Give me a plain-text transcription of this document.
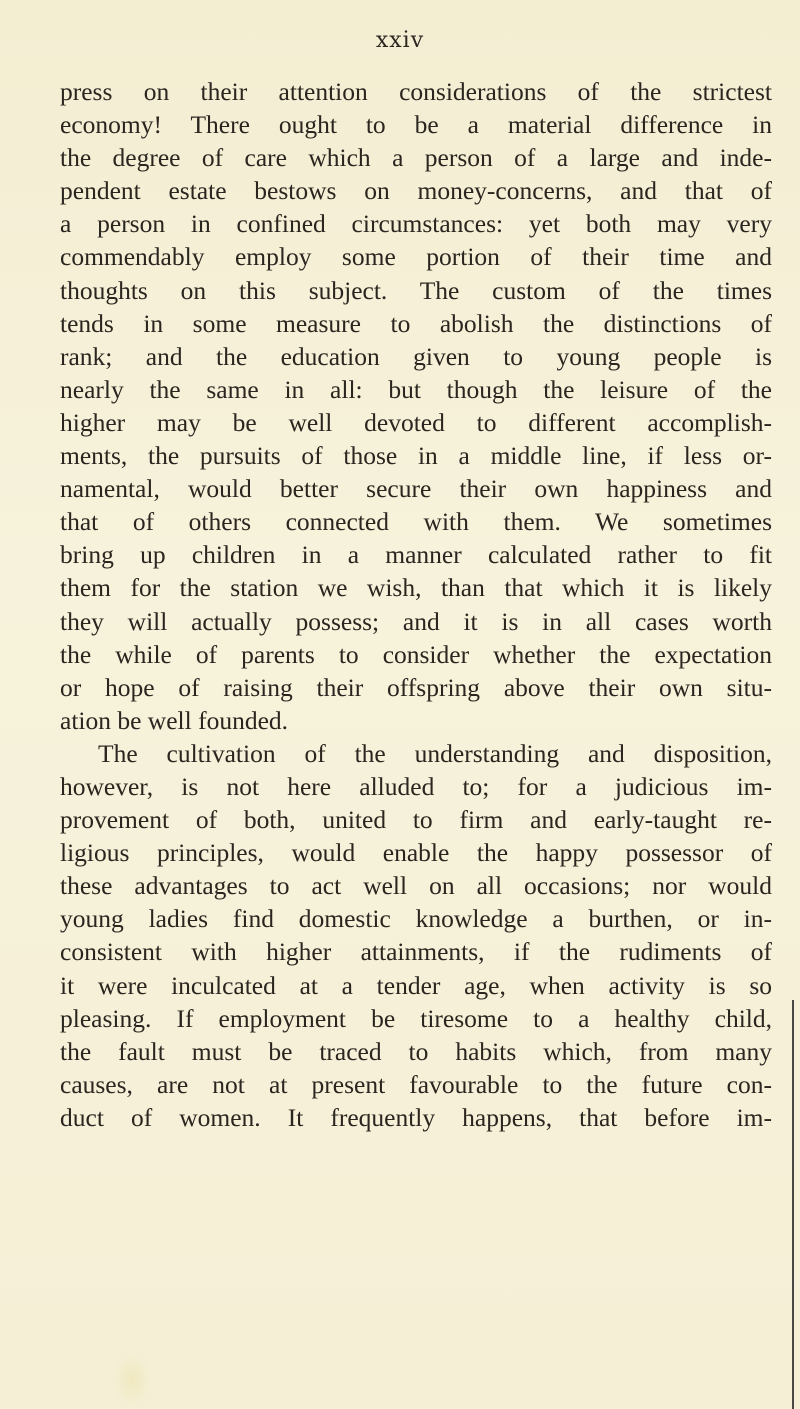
xxiv
press on their attention considerations of the strictest
economy! There ought to be a material difference in
the degree of care which a person of a large and inde-
pendent estate bestows on money-concerns, and that of
a person in confined circumstances: yet both may very
commendably employ some portion of their time and
thoughts on this subject. The custom of the times
tends in some measure to abolish the distinctions of
rank; and the education given to young people is
nearly the same in all: but though the leisure of the
higher may be well devoted to different accomplish-
ments, the pursuits of those in a middle line, if less or-
namental, would better secure their own happiness and
that of others connected with them. We sometimes
bring up children in a manner calculated rather to fit
them for the station we wish, than that which it is likely
they will actually possess; and it is in all cases worth
the while of parents to consider whether the expectation
or hope of raising their offspring above their own situ-
ation be well founded.
The cultivation of the understanding and disposition,
however, is not here alluded to; for a judicious im-
provement of both, united to firm and early-taught re-
ligious principles, would enable the happy possessor of
these advantages to act well on all occasions; nor would
young ladies find domestic knowledge a burthen, or in-
consistent with higher attainments, if the rudiments of
it were inculcated at a tender age, when activity is so
pleasing. If employment be tiresome to a healthy child,
the fault must be traced to habits which, from many
causes, are not at present favourable to the future con-
duct of women. It frequently happens, that before im-
